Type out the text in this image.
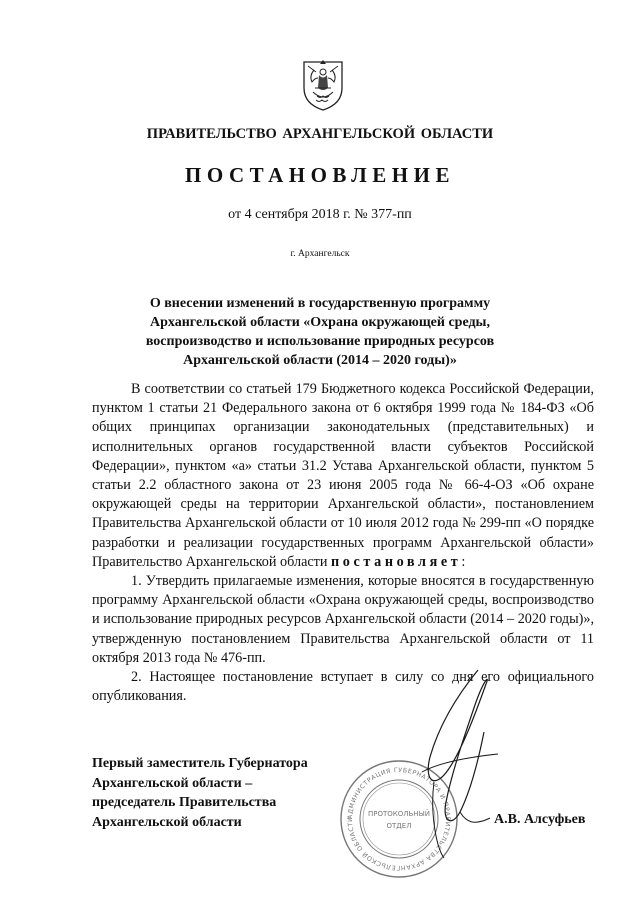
ПРАВИТЕЛЬСТВО АРХАНГЕЛЬСКОЙ ОБЛАСТИ
ПОСТАНОВЛЕНИЕ
от 4 сентября 2018 г. № 377-пп
г. Архангельск
О внесении изменений в государственную программу
Архангельской области «Охрана окружающей среды,
воспроизводство и использование природных ресурсов
Архангельской области (2014 – 2020 годы)»

В соответствии со статьей 179 Бюджетного кодекса Российской Федерации, пунктом 1 статьи 21 Федерального закона от 6 октября 1999 года № 184-ФЗ «Об общих принципах организации законодательных (представительных) и исполнительных органов государственной власти субъектов Российской Федерации», пунктом «а» статьи 31.2 Устава Архангельской области, пунктом 5 статьи 2.2 областного закона от 23 июня 2005 года № 66-4-ОЗ «Об охране окружающей среды на территории Архангельской области», постановлением Правительства Архангельской области от 10 июля 2012 года № 299-пп «О порядке разработки и реализации государственных программ Архангельской области» Правительство Архангельской области постановляет:

1. Утвердить прилагаемые изменения, которые вносятся в государственную программу Архангельской области «Охрана окружающей среды, воспроизводство и использование природных ресурсов Архангельской области (2014 – 2020 годы)», утвержденную постановлением Правительства Архангельской области от 11 октября 2013 года № 476-пп.

2. Настоящее постановление вступает в силу со дня его официального опубликования.

АДМИНИСТРАЦИЯ ГУБЕРНАТОРА И ПРАВИТЕЛЬСТВА АРХАНГЕЛЬСКОЙ ОБЛАСТИ
ПРОТОКОЛЬНЫЙ
ОТДЕЛ
Первый заместитель Губернатора
Архангельской области –
председатель Правительства
Архангельской области	А.В. Алсуфьев
